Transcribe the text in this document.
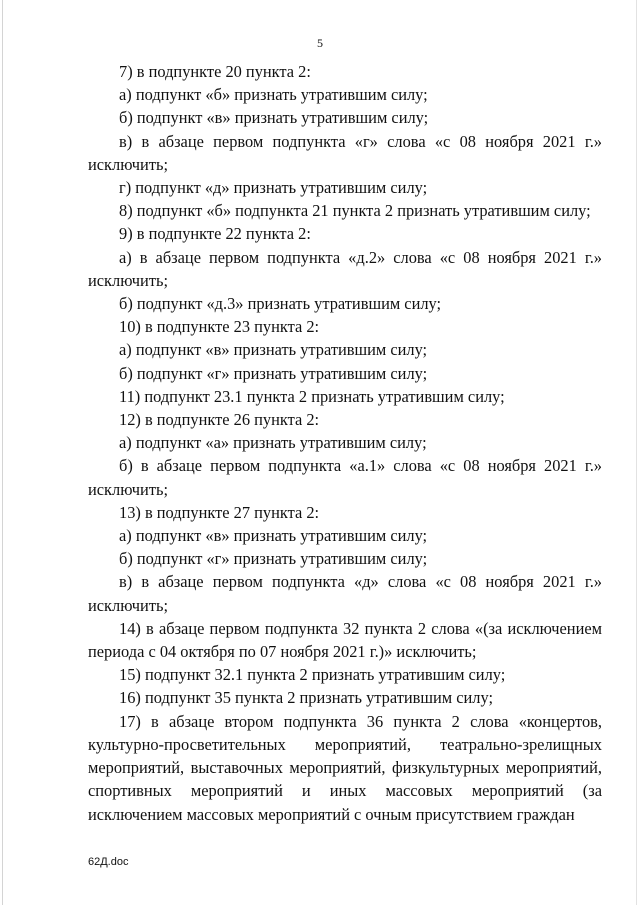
5

7) в подпункте 20 пункта 2:

а) подпункт «б» признать утратившим силу;

б) подпункт «в» признать утратившим силу;

в) в абзаце первом подпункта «г» слова «с 08 ноября 2021 г.» исключить;

г) подпункт «д» признать утратившим силу;

8) подпункт «б» подпункта 21 пункта 2 признать утратившим силу;

9) в подпункте 22 пункта 2:

а) в абзаце первом подпункта «д.2» слова «с 08 ноября 2021 г.» исключить;

б) подпункт «д.3» признать утратившим силу;

10) в подпункте 23 пункта 2:

а) подпункт «в» признать утратившим силу;

б) подпункт «г» признать утратившим силу;

11) подпункт 23.1 пункта 2 признать утратившим силу;

12) в подпункте 26 пункта 2:

а) подпункт «а» признать утратившим силу;

б) в абзаце первом подпункта «а.1» слова «с 08 ноября 2021 г.» исключить;

13) в подпункте 27 пункта 2:

а) подпункт «в» признать утратившим силу;

б) подпункт «г» признать утратившим силу;

в) в абзаце первом подпункта «д» слова «с 08 ноября 2021 г.» исключить;

14) в абзаце первом подпункта 32 пункта 2 слова «(за исключением периода с 04 октября по 07 ноября 2021 г.)» исключить;

15) подпункт 32.1 пункта 2 признать утратившим силу;

16) подпункт 35 пункта 2 признать утратившим силу;

17) в абзаце втором подпункта 36 пункта 2 слова «концертов, культурно-просветительных мероприятий, театрально-зрелищных мероприятий, выставочных мероприятий, физкультурных мероприятий, спортивных мероприятий и иных массовых мероприятий (за исключением массовых мероприятий с очным присутствием граждан

62Д.doc
